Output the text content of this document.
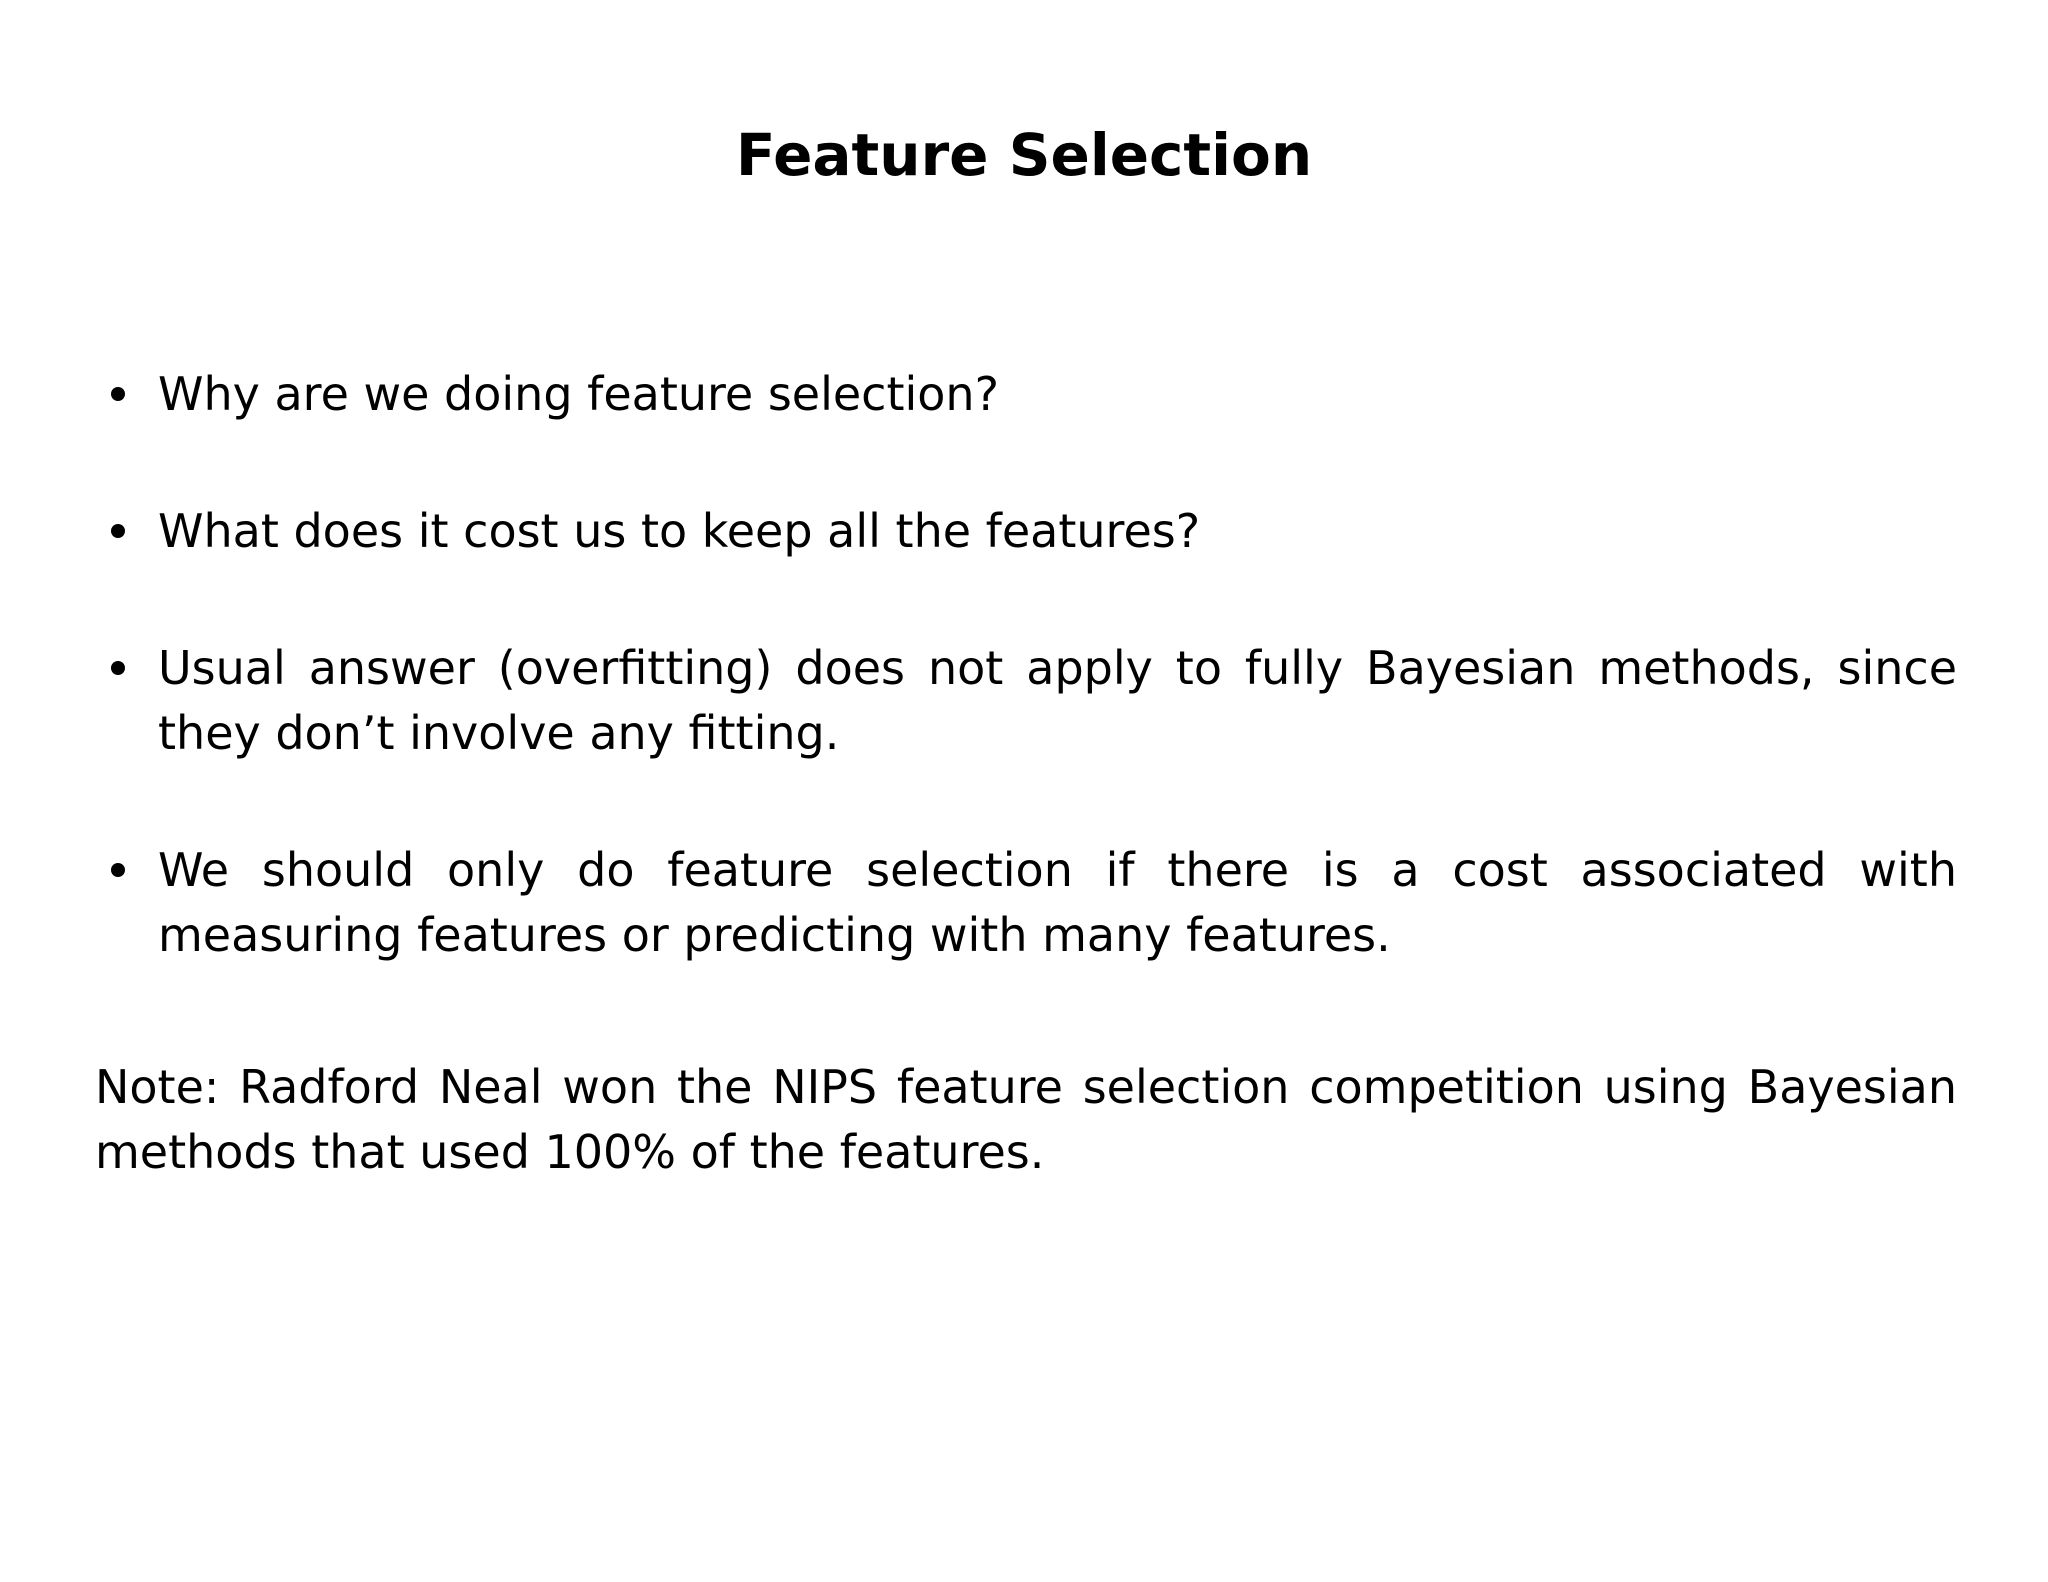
Feature Selection
Why are we doing feature selection?
What does it cost us to keep all the features?
Usual answer (overfitting) does not apply to fully Bayesian methods, since they don’t involve any fitting.
We should only do feature selection if there is a cost associated with measuring features or predicting with many features.

Note: Radford Neal won the NIPS feature selection competition using Bayesian methods that used 100% of the features.
